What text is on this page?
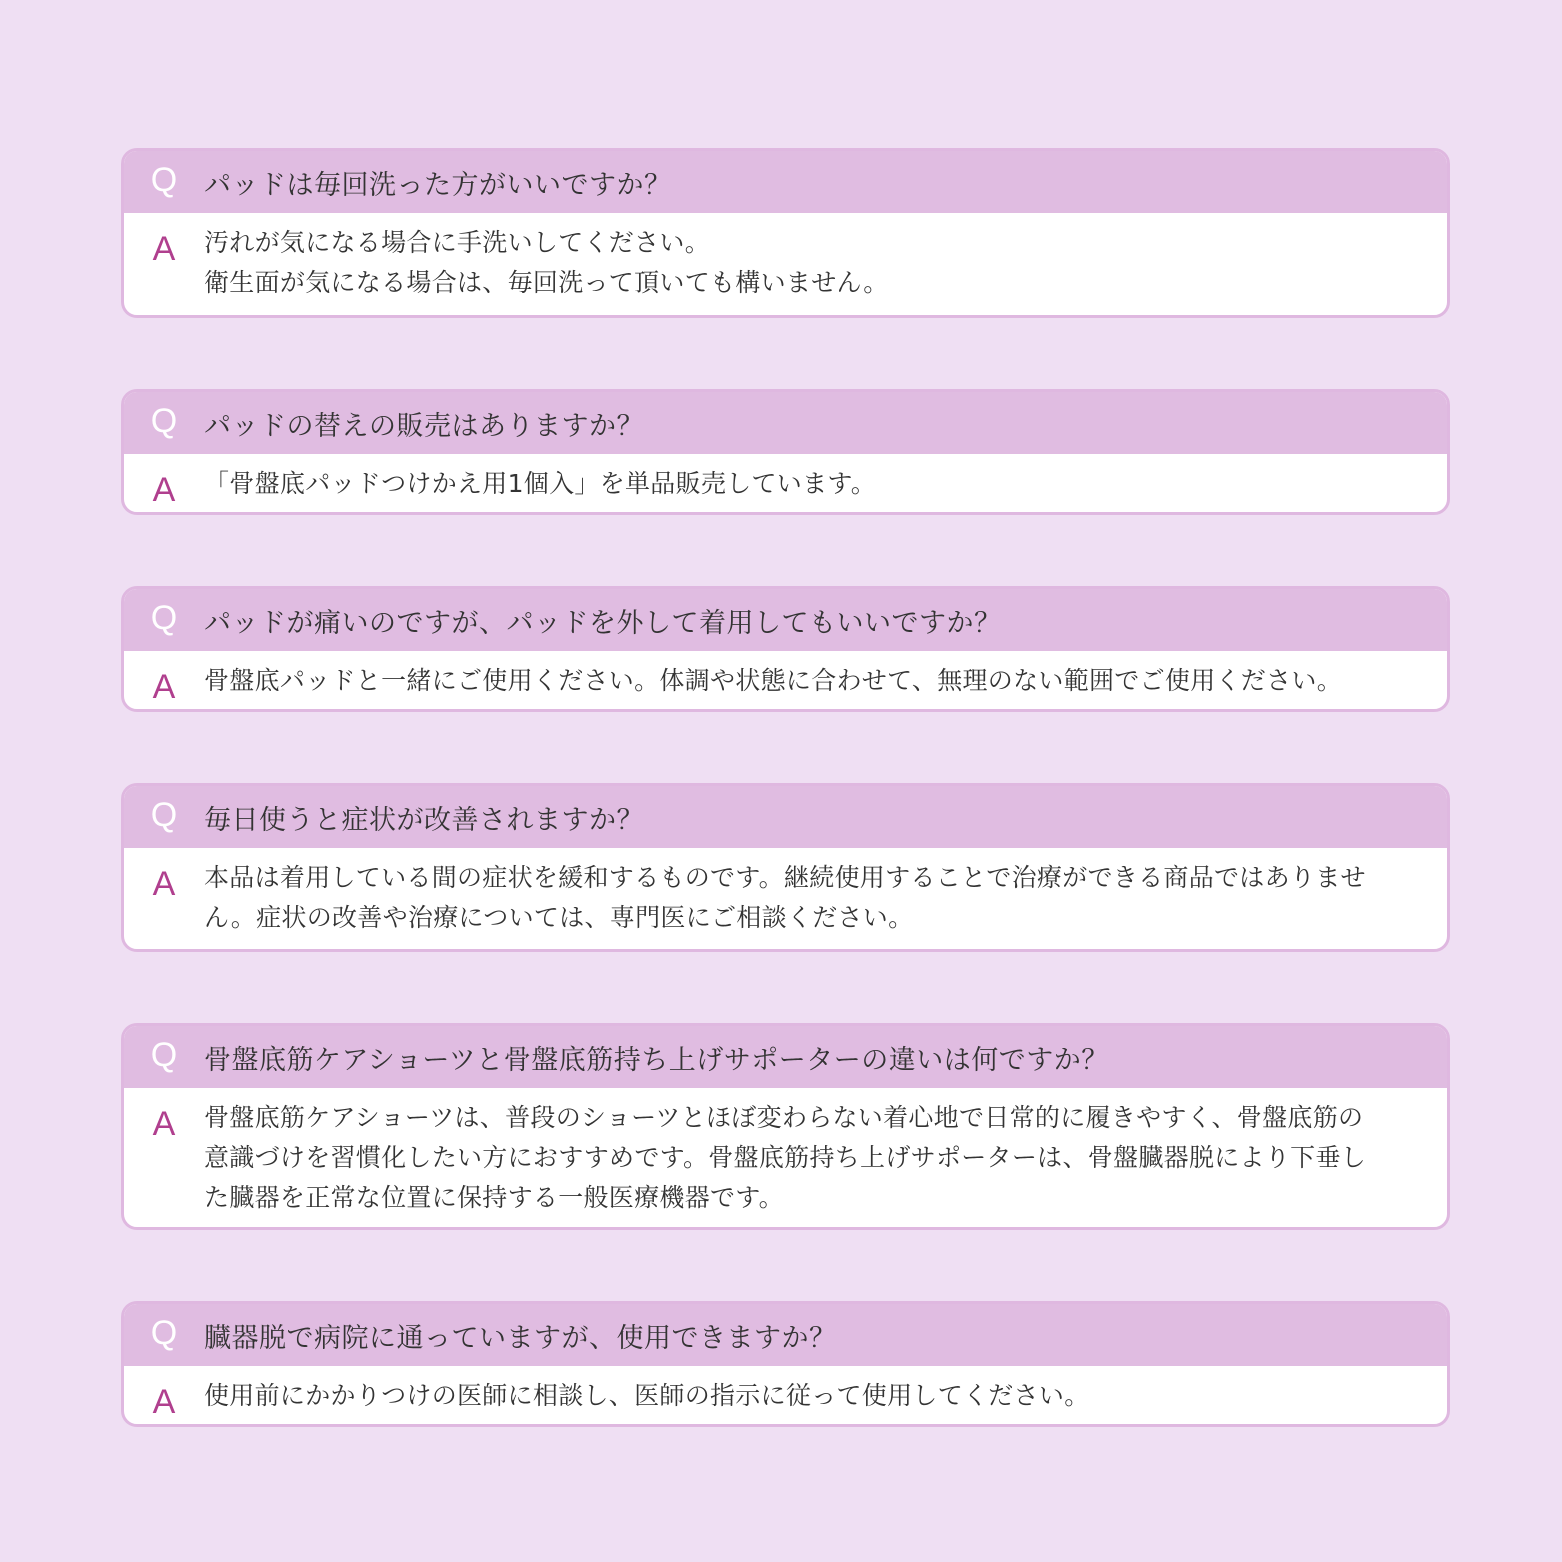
Q パッドは毎回洗った方がいいですか？
A	汚れが気になる場合に手洗いしてください。
衛生面が気になる場合は、毎回洗って頂いても構いません。
Q パッドの替えの販売はありますか？
A	「骨盤底パッドつけかえ用1個入」を単品販売しています。
Q パッドが痛いのですが、パッドを外して着用してもいいですか？
A	骨盤底パッドと一緒にご使用ください。体調や状態に合わせて、無理のない範囲でご使用ください。
Q 毎日使うと症状が改善されますか？
A	本品は着用している間の症状を緩和するものです。継続使用することで治療ができる商品ではありませ
ん。症状の改善や治療については、専門医にご相談ください。
Q 骨盤底筋ケアショーツと骨盤底筋持ち上げサポーターの違いは何ですか？
A	骨盤底筋ケアショーツは、普段のショーツとほぼ変わらない着心地で日常的に履きやすく、骨盤底筋の
意識づけを習慣化したい方におすすめです。骨盤底筋持ち上げサポーターは、骨盤臓器脱により下垂し
た臓器を正常な位置に保持する一般医療機器です。
Q 臓器脱で病院に通っていますが、使用できますか？
A	使用前にかかりつけの医師に相談し、医師の指示に従って使用してください。
